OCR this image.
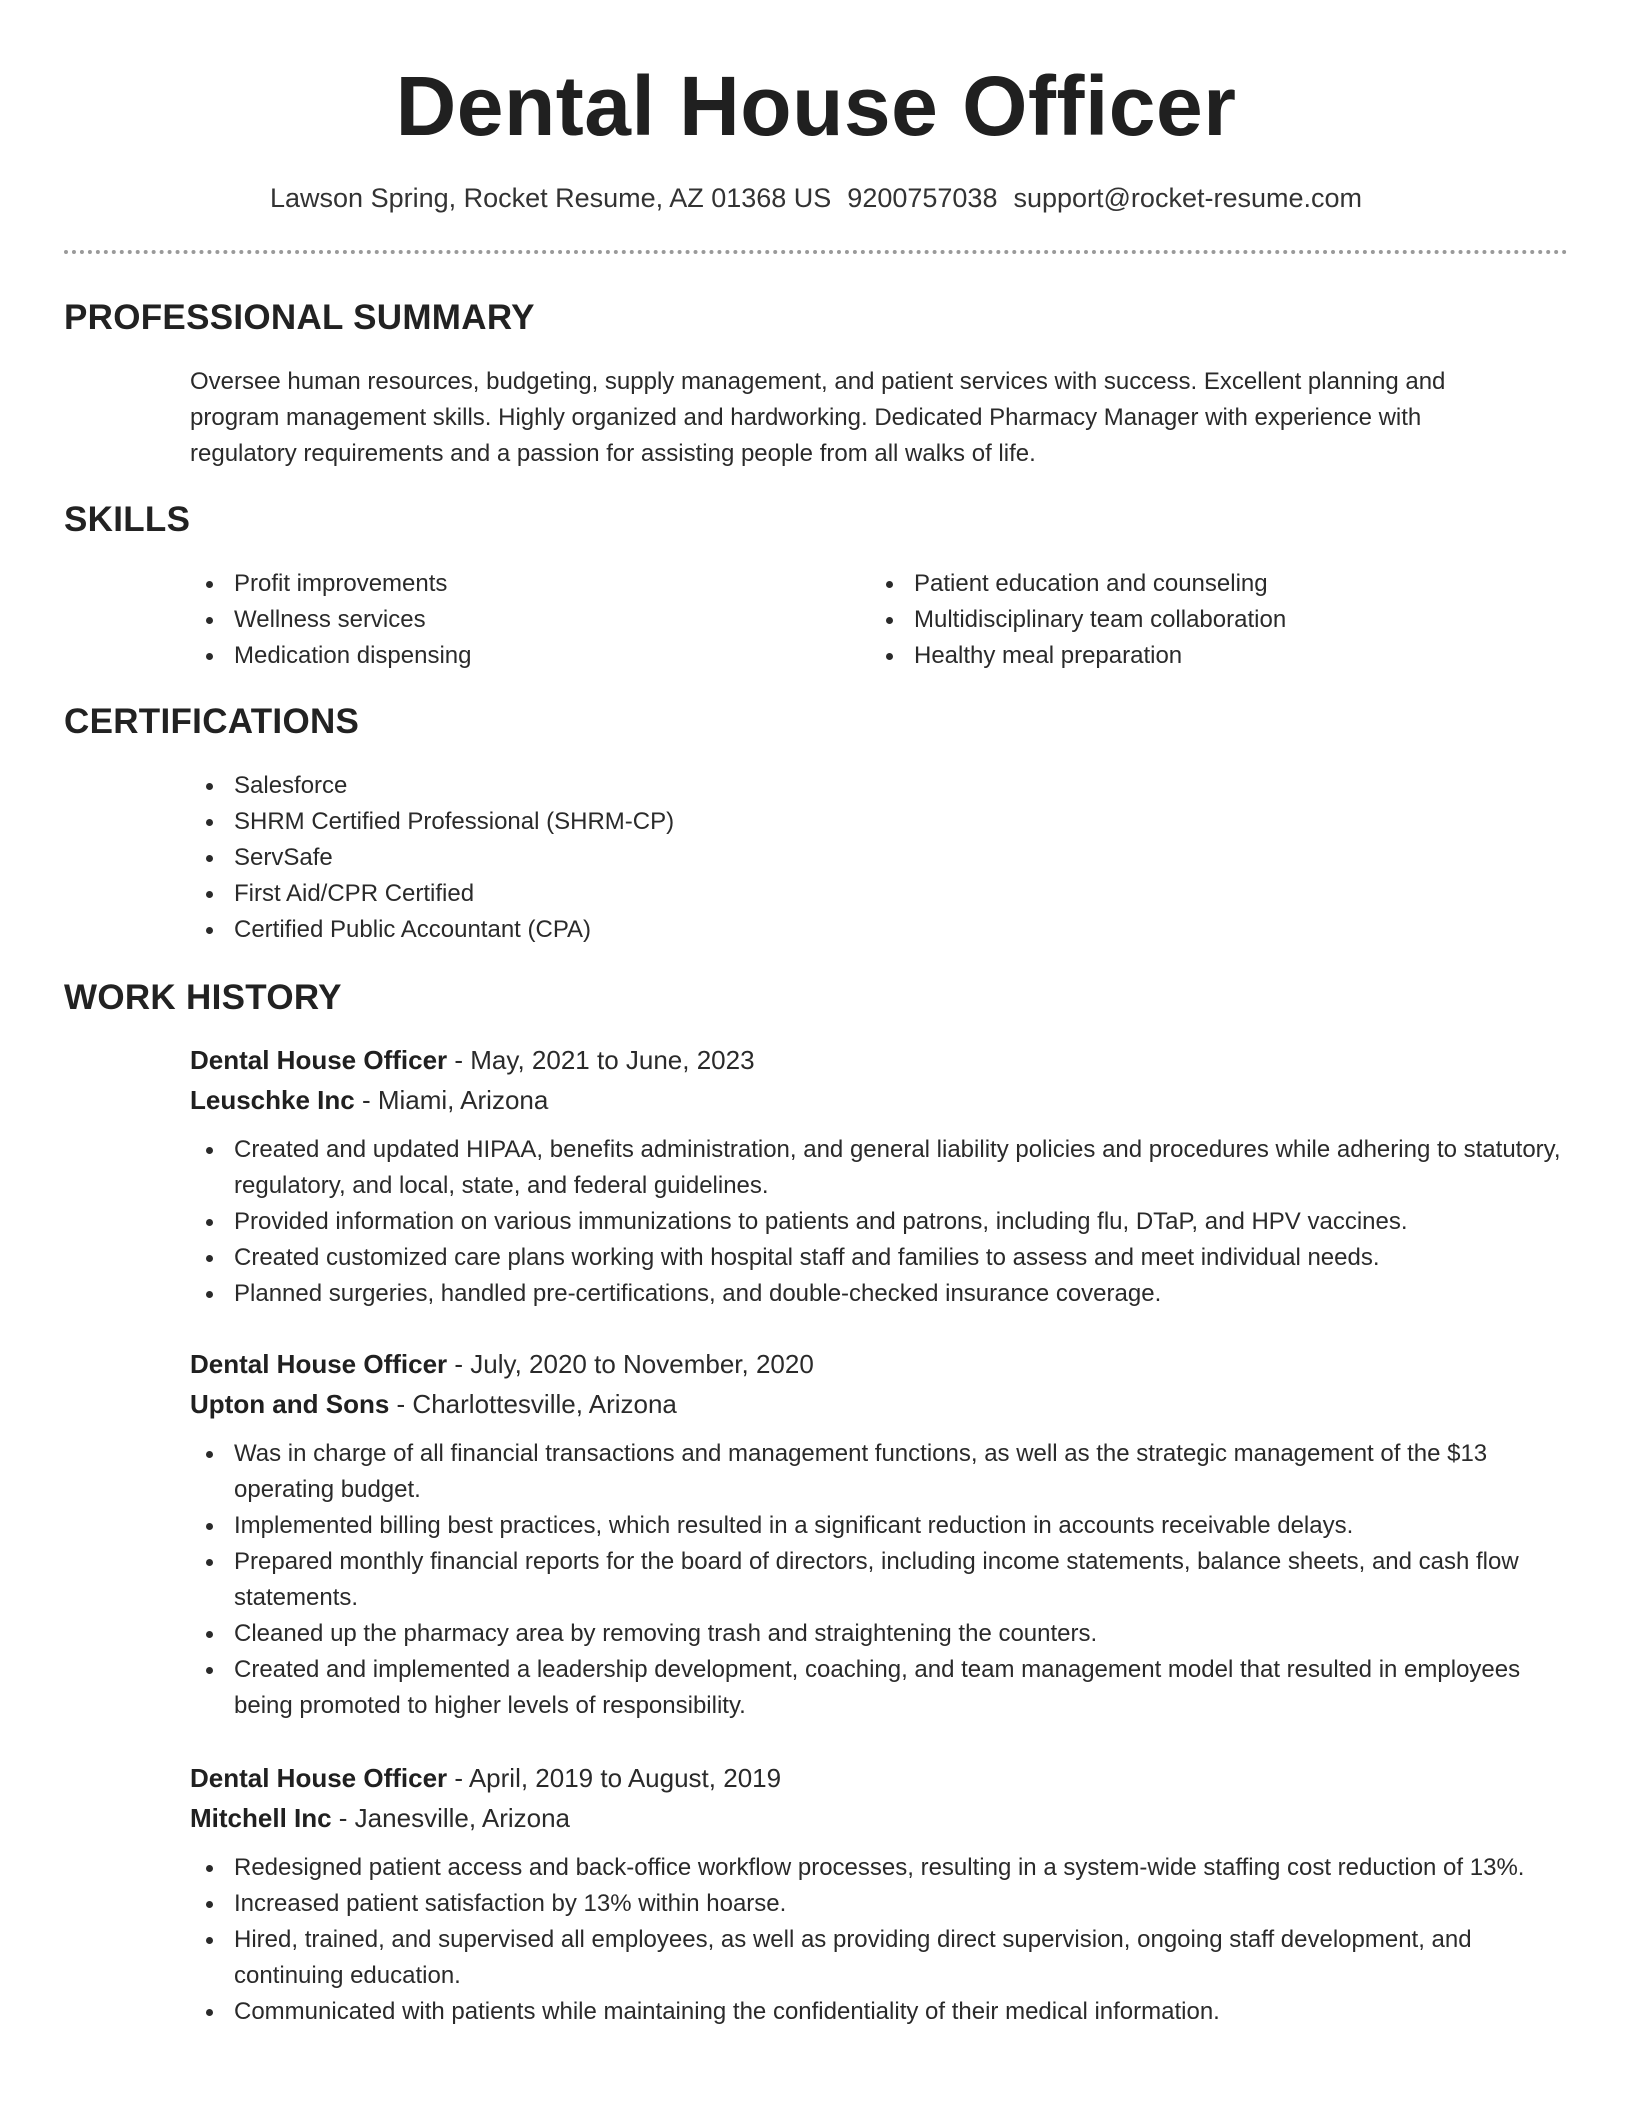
Dental House Officer
Lawson Spring, Rocket Resume, AZ 01368 US 9200757038 support@rocket-resume.com
PROFESSIONAL SUMMARY

Oversee human resources, budgeting, supply management, and patient services with success. Excellent planning and program management skills. Highly organized and hardworking. Dedicated Pharmacy Manager with experience with regulatory requirements and a passion for assisting people from all walks of life.

SKILLS
Profit improvements
Wellness services
Medication dispensing
Patient education and counseling
Multidisciplinary team collaboration
Healthy meal preparation
CERTIFICATIONS
Salesforce
SHRM Certified Professional (SHRM-CP)
ServSafe
First Aid/CPR Certified
Certified Public Accountant (CPA)
WORK HISTORY
Dental House Officer - May, 2021 to June, 2023
Leuschke Inc - Miami, Arizona
Created and updated HIPAA, benefits administration, and general liability policies and procedures while adhering to statutory, regulatory, and local, state, and federal guidelines.
Provided information on various immunizations to patients and patrons, including flu, DTaP, and HPV vaccines.
Created customized care plans working with hospital staff and families to assess and meet individual needs.
Planned surgeries, handled pre-certifications, and double-checked insurance coverage.
Dental House Officer - July, 2020 to November, 2020
Upton and Sons - Charlottesville, Arizona
Was in charge of all financial transactions and management functions, as well as the strategic management of the $13 operating budget.
Implemented billing best practices, which resulted in a significant reduction in accounts receivable delays.
Prepared monthly financial reports for the board of directors, including income statements, balance sheets, and cash flow statements.
Cleaned up the pharmacy area by removing trash and straightening the counters.
Created and implemented a leadership development, coaching, and team management model that resulted in employees being promoted to higher levels of responsibility.
Dental House Officer - April, 2019 to August, 2019
Mitchell Inc - Janesville, Arizona
Redesigned patient access and back-office workflow processes, resulting in a system-wide staffing cost reduction of 13%.
Increased patient satisfaction by 13% within hoarse.
Hired, trained, and supervised all employees, as well as providing direct supervision, ongoing staff development, and continuing education.
Communicated with patients while maintaining the confidentiality of their medical information.
